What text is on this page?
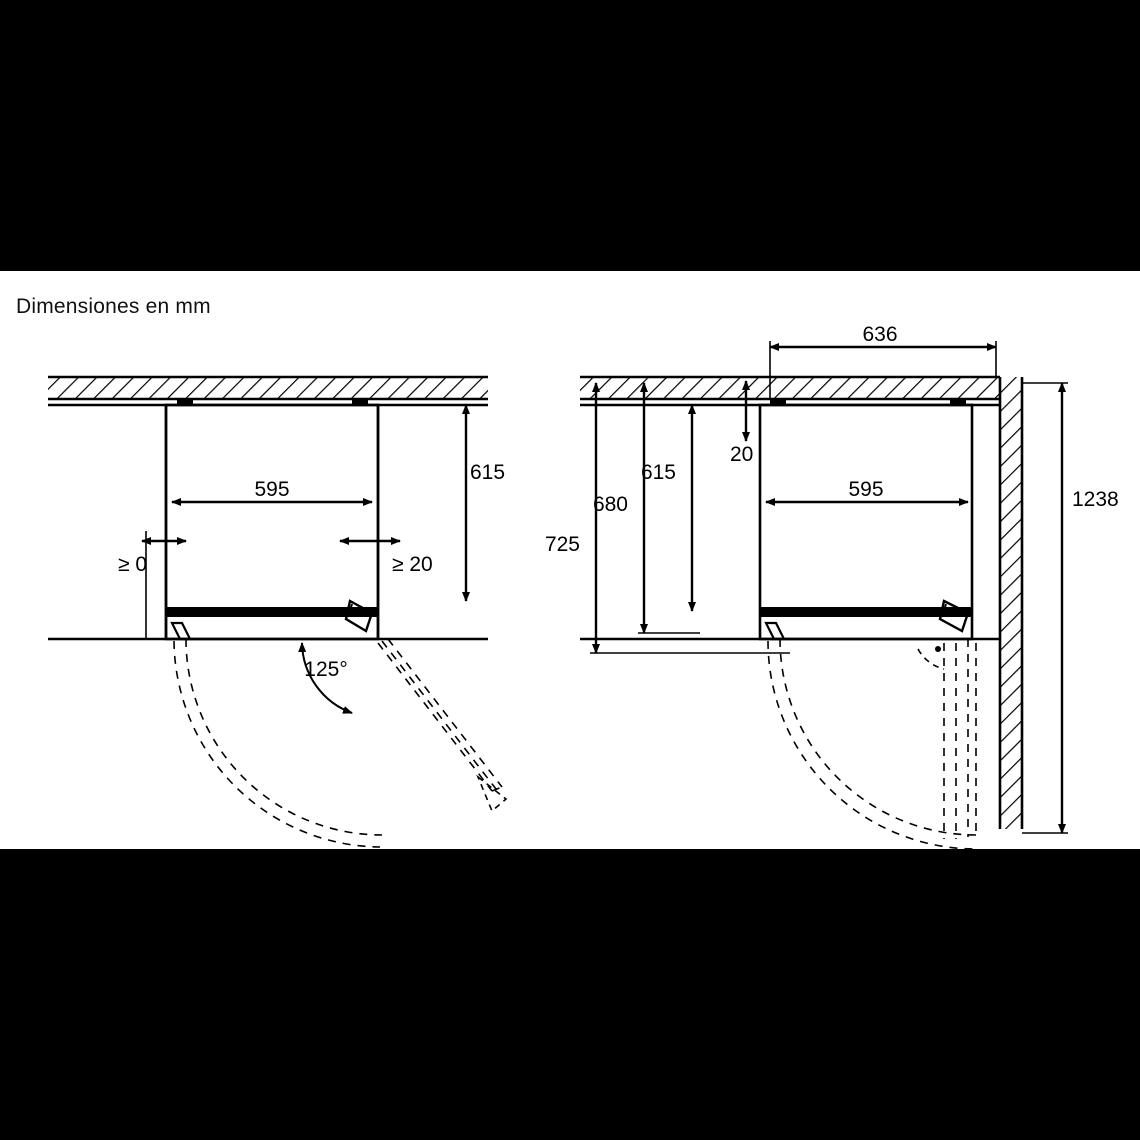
Dimensiones en mm
125°
595
615
≥ 0	≥ 20
636
595
20
615
680
725
1238
